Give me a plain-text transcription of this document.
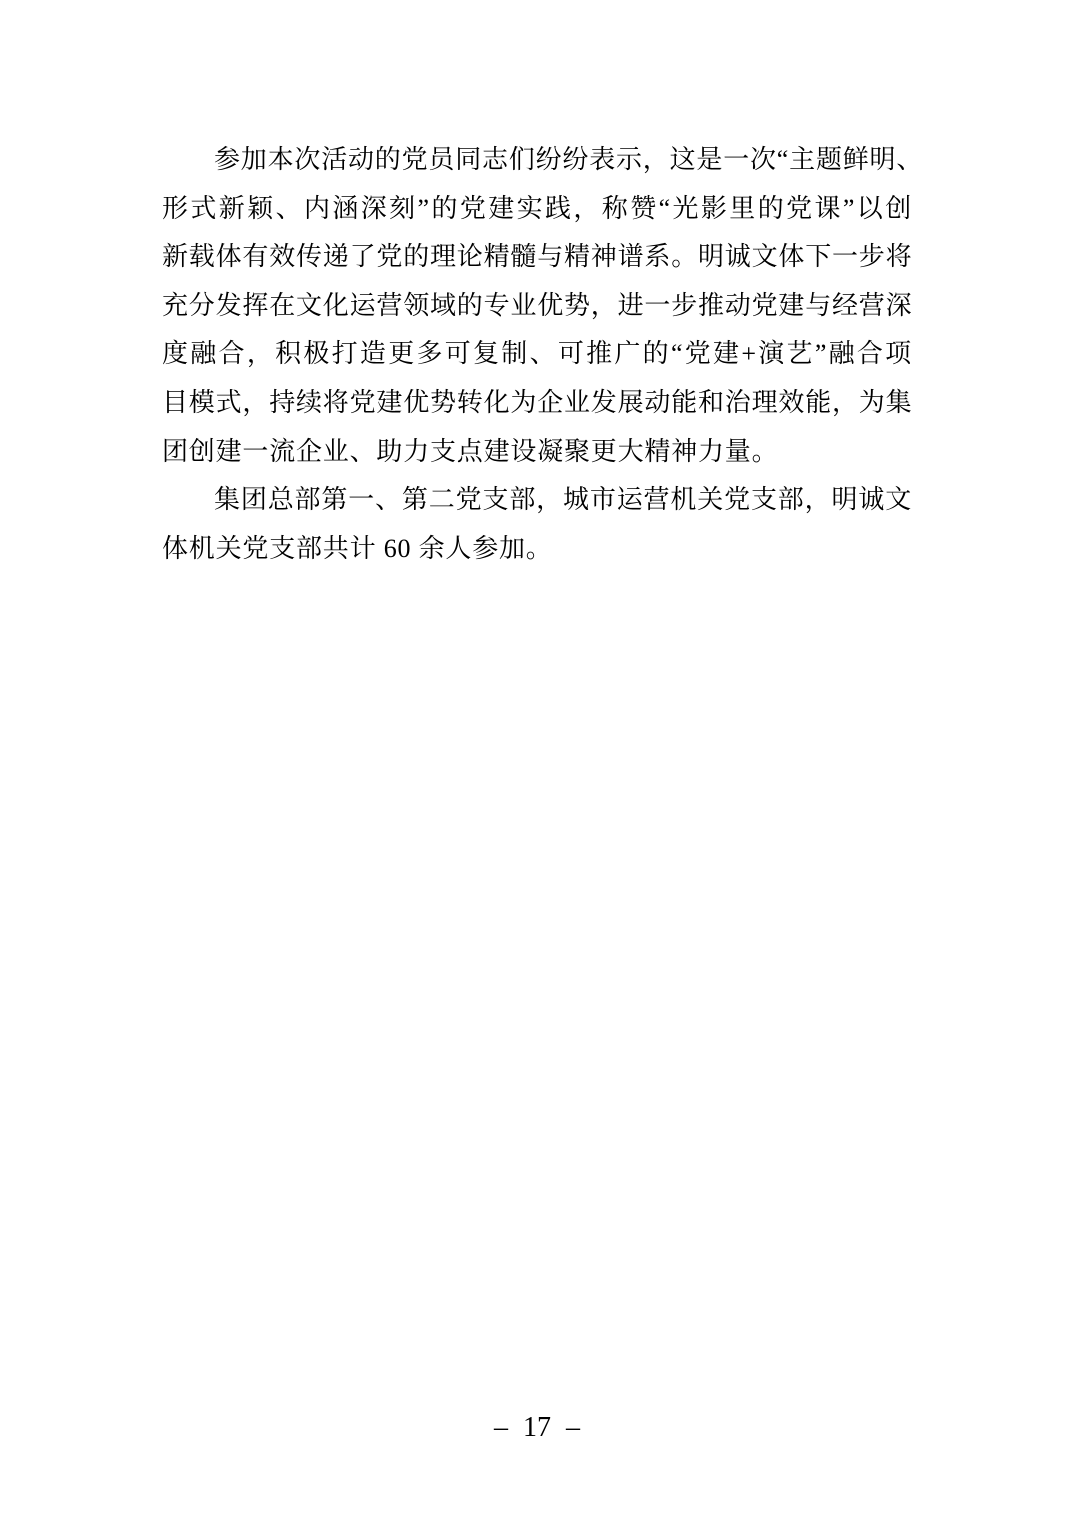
参加本次活动的党员同志们纷纷表示，这是一次“主题鲜明、
形式新颖、内涵深刻”的党建实践，称赞“光影里的党课”以创
新载体有效传递了党的理论精髓与精神谱系。明诚文体下一步将
充分发挥在文化运营领域的专业优势，进一步推动党建与经营深
度融合，积极打造更多可复制、可推广的“党建+演艺”融合项
目模式，持续将党建优势转化为企业发展动能和治理效能，为集
团创建一流企业、助力支点建设凝聚更大精神力量。
集团总部第一、第二党支部，城市运营机关党支部，明诚文
体机关党支部共计 60 余人参加。
– 17 –
